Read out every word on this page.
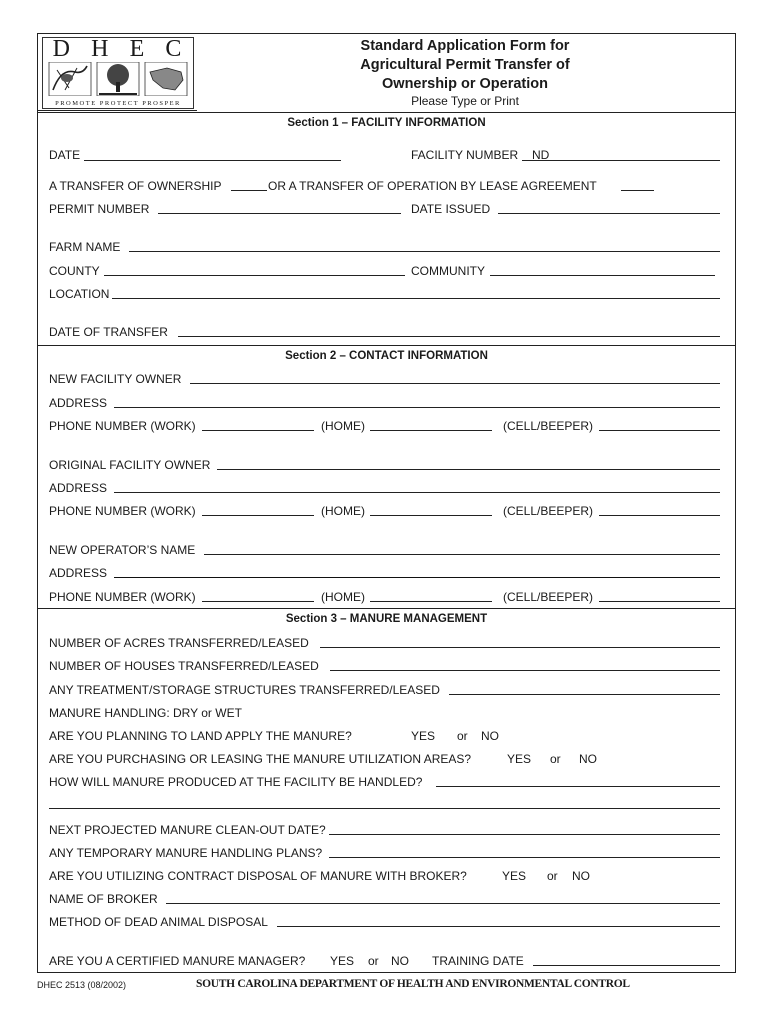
D H E C
PROMOTE PROTECT PROSPER
Standard Application Form for
Agricultural Permit Transfer of
Ownership or Operation
Please Type or Print
Section 1 – FACILITY INFORMATION
DATE	FACILITY NUMBER ND
A TRANSFER OF OWNERSHIP	OR A TRANSFER OF OPERATION BY LEASE AGREEMENT
PERMIT NUMBER	DATE ISSUED
FARM NAME
COUNTY	COMMUNITY
LOCATION
DATE OF TRANSFER
Section 2 – CONTACT INFORMATION
NEW FACILITY OWNER
ADDRESS
PHONE NUMBER (WORK)	(HOME)	(CELL/BEEPER)
ORIGINAL FACILITY OWNER
ADDRESS
PHONE NUMBER (WORK)	(HOME)	(CELL/BEEPER)
NEW OPERATOR’S NAME
ADDRESS
PHONE NUMBER (WORK)	(HOME)	(CELL/BEEPER)
Section 3 – MANURE MANAGEMENT
NUMBER OF ACRES TRANSFERRED/LEASED
NUMBER OF HOUSES TRANSFERRED/LEASED
ANY TREATMENT/STORAGE STRUCTURES TRANSFERRED/LEASED
MANURE HANDLING: DRY or WET
ARE YOU PLANNING TO LAND APPLY THE MANURE?	YES or NO
ARE YOU PURCHASING OR LEASING THE MANURE UTILIZATION AREAS?	YES or NO
HOW WILL MANURE PRODUCED AT THE FACILITY BE HANDLED?
NEXT PROJECTED MANURE CLEAN-OUT DATE?
ANY TEMPORARY MANURE HANDLING PLANS?
ARE YOU UTILIZING CONTRACT DISPOSAL OF MANURE WITH BROKER?	YES or NO
NAME OF BROKER
METHOD OF DEAD ANIMAL DISPOSAL
ARE YOU A CERTIFIED MANURE MANAGER? YES or NO TRAINING DATE
DHEC 2513 (08/2002)	SOUTH CAROLINA DEPARTMENT OF HEALTH AND ENVIRONMENTAL CONTROL
